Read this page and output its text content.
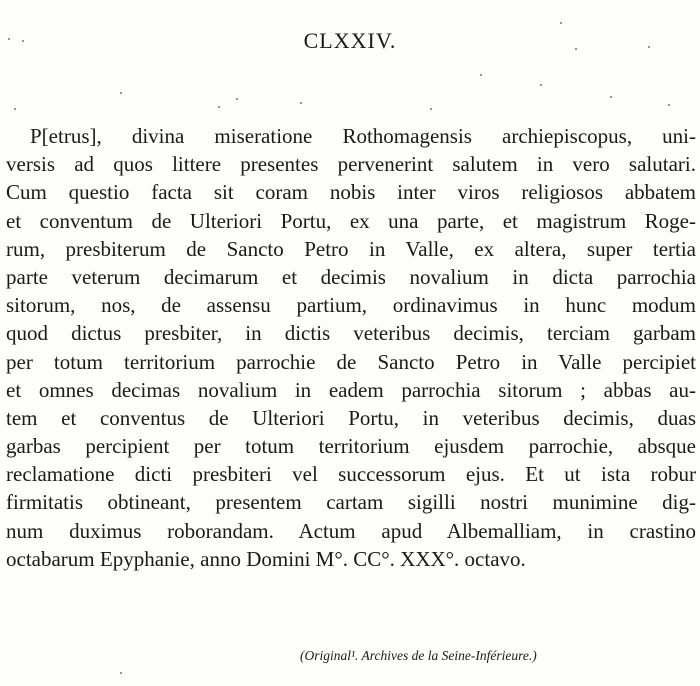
CLXXIV.
P[etrus], divina miseratione Rothomagensis archiepiscopus, uni-
versis ad quos littere presentes pervenerint salutem in vero salutari.
Cum questio facta sit coram nobis inter viros religiosos abbatem
et conventum de Ulteriori Portu, ex una parte, et magistrum Roge-
rum, presbiterum de Sancto Petro in Valle, ex altera, super tertia
parte veterum decimarum et decimis novalium in dicta parrochia
sitorum, nos, de assensu partium, ordinavimus in hunc modum
quod dictus presbiter, in dictis veteribus decimis, terciam garbam
per totum territorium parrochie de Sancto Petro in Valle percipiet
et omnes decimas novalium in eadem parrochia sitorum ; abbas au-
tem et conventus de Ulteriori Portu, in veteribus decimis, duas
garbas percipient per totum territorium ejusdem parrochie, absque
reclamatione dicti presbiteri vel successorum ejus. Et ut ista robur
firmitatis obtineant, presentem cartam sigilli nostri munimine dig-
num duximus roborandam. Actum apud Albemalliam, in crastino
octabarum Epyphanie, anno Domini M°. CC°. XXX°. octavo.
(Original¹. Archives de la Seine-Inférieure.)
